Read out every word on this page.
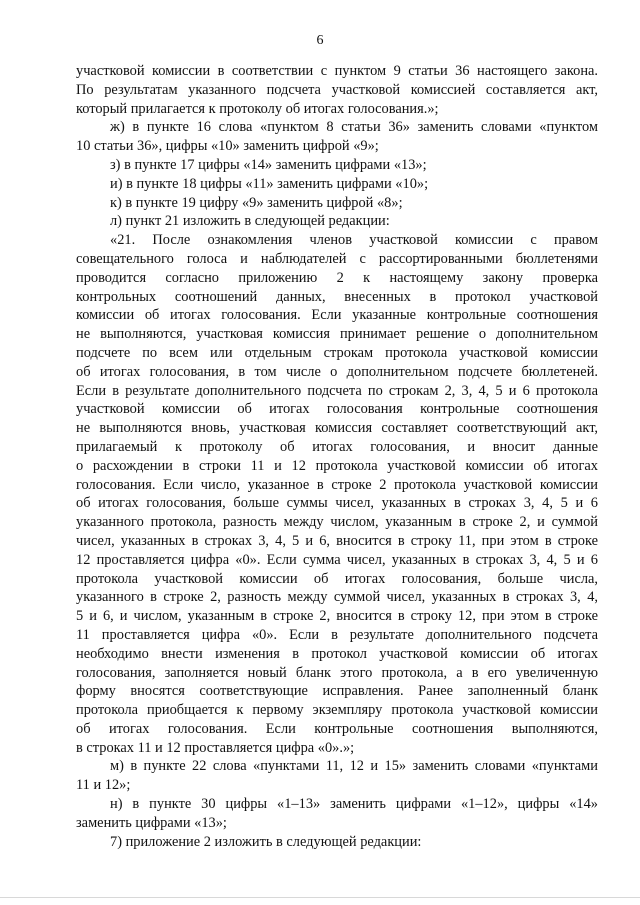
6
участковой комиссии в соответствии с пунктом 9 статьи 36 настоящего закона.
По результатам указанного подсчета участковой комиссией составляется акт,
который прилагается к протоколу об итогах голосования.»;
ж) в пункте 16 слова «пунктом 8 статьи 36» заменить словами «пунктом
10 статьи 36», цифры «10» заменить цифрой «9»;
з) в пункте 17 цифры «14» заменить цифрами «13»;
и) в пункте 18 цифры «11» заменить цифрами «10»;
к) в пункте 19 цифру «9» заменить цифрой «8»;
л) пункт 21 изложить в следующей редакции:
«21. После ознакомления членов участковой комиссии с правом
совещательного голоса и наблюдателей с рассортированными бюллетенями
проводится согласно приложению 2 к настоящему закону проверка
контрольных соотношений данных, внесенных в протокол участковой
комиссии об итогах голосования. Если указанные контрольные соотношения
не выполняются, участковая комиссия принимает решение о дополнительном
подсчете по всем или отдельным строкам протокола участковой комиссии
об итогах голосования, в том числе о дополнительном подсчете бюллетеней.
Если в результате дополнительного подсчета по строкам 2, 3, 4, 5 и 6 протокола
участковой комиссии об итогах голосования контрольные соотношения
не выполняются вновь, участковая комиссия составляет соответствующий акт,
прилагаемый к протоколу об итогах голосования, и вносит данные
о расхождении в строки 11 и 12 протокола участковой комиссии об итогах
голосования. Если число, указанное в строке 2 протокола участковой комиссии
об итогах голосования, больше суммы чисел, указанных в строках 3, 4, 5 и 6
указанного протокола, разность между числом, указанным в строке 2, и суммой
чисел, указанных в строках 3, 4, 5 и 6, вносится в строку 11, при этом в строке
12 проставляется цифра «0». Если сумма чисел, указанных в строках 3, 4, 5 и 6
протокола участковой комиссии об итогах голосования, больше числа,
указанного в строке 2, разность между суммой чисел, указанных в строках 3, 4,
5 и 6, и числом, указанным в строке 2, вносится в строку 12, при этом в строке
11 проставляется цифра «0». Если в результате дополнительного подсчета
необходимо внести изменения в протокол участковой комиссии об итогах
голосования, заполняется новый бланк этого протокола, а в его увеличенную
форму вносятся соответствующие исправления. Ранее заполненный бланк
протокола приобщается к первому экземпляру протокола участковой комиссии
об итогах голосования. Если контрольные соотношения выполняются,
в строках 11 и 12 проставляется цифра «0».»;
м) в пункте 22 слова «пунктами 11, 12 и 15» заменить словами «пунктами
11 и 12»;
н) в пункте 30 цифры «1–13» заменить цифрами «1–12», цифры «14»
заменить цифрами «13»;
7) приложение 2 изложить в следующей редакции:
